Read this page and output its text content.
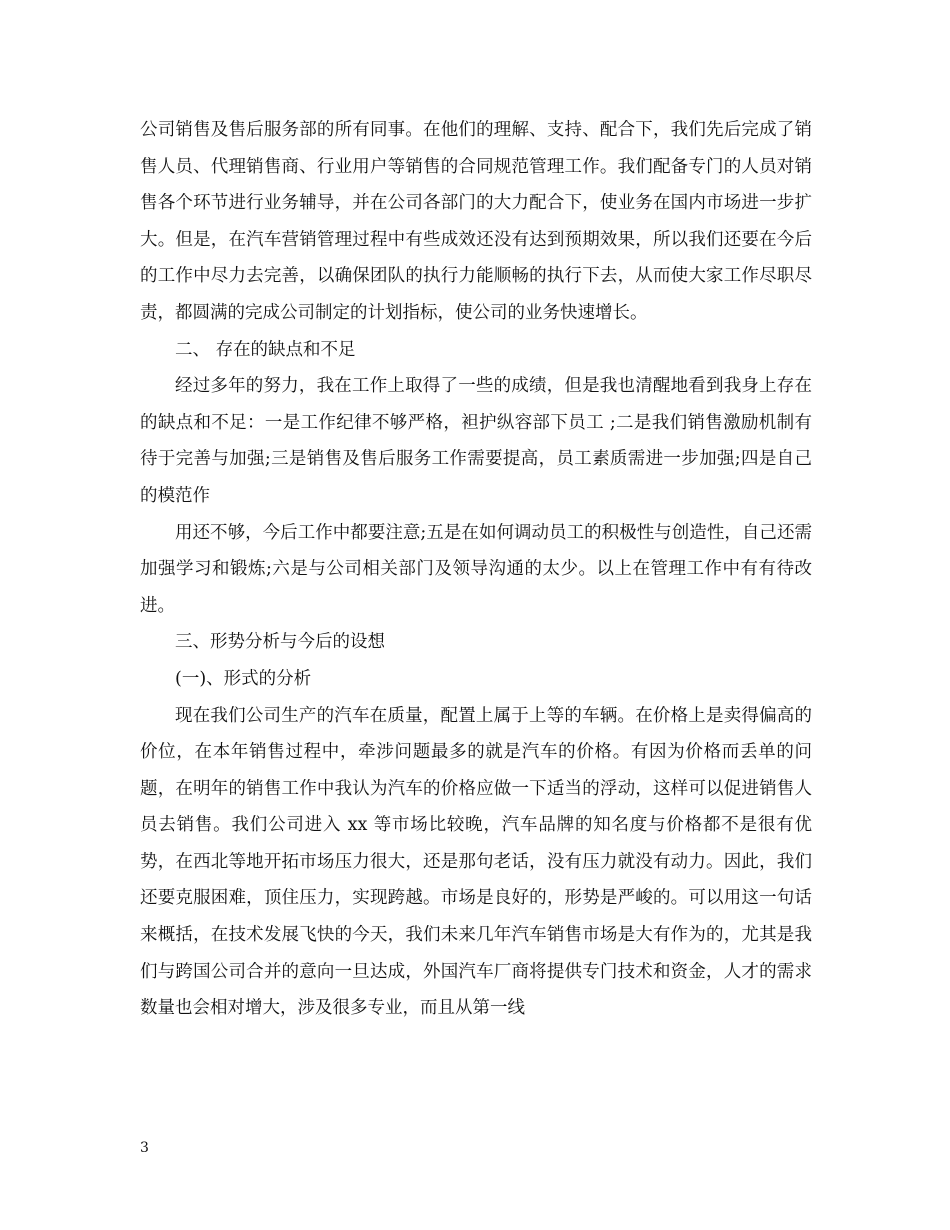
公司销售及售后服务部的所有同事。在他们的理解、支持、配合下，我们先后完成了销售人员、代理销售商、行业用户等销售的合同规范管理工作。我们配备专门的人员对销售各个环节进行业务辅导，并在公司各部门的大力配合下，使业务在国内市场进一步扩大。但是，在汽车营销管理过程中有些成效还没有达到预期效果，所以我们还要在今后的工作中尽力去完善，以确保团队的执行力能顺畅的执行下去，从而使大家工作尽职尽责，都圆满的完成公司制定的计划指标，使公司的业务快速增长。

二、 存在的缺点和不足

经过多年的努力，我在工作上取得了一些的成绩，但是我也清醒地看到我身上存在的缺点和不足：一是工作纪律不够严格，袒护纵容部下员工 ;二是我们销售激励机制有待于完善与加强;三是销售及售后服务工作需要提高，员工素质需进一步加强;四是自己的模范作

用还不够，今后工作中都要注意;五是在如何调动员工的积极性与创造性，自己还需加强学习和锻炼;六是与公司相关部门及领导沟通的太少。以上在管理工作中有有待改进。

三、形势分析与今后的设想

(一)、形式的分析

现在我们公司生产的汽车在质量，配置上属于上等的车辆。在价格上是卖得偏高的价位，在本年销售过程中，牵涉问题最多的就是汽车的价格。有因为价格而丢单的问题，在明年的销售工作中我认为汽车的价格应做一下适当的浮动，这样可以促进销售人员去销售。我们公司进入 xx 等市场比较晚，汽车品牌的知名度与价格都不是很有优势，在西北等地开拓市场压力很大，还是那句老话，没有压力就没有动力。因此，我们还要克服困难，顶住压力，实现跨越。市场是良好的，形势是严峻的。可以用这一句话来概括，在技术发展飞快的今天，我们未来几年汽车销售市场是大有作为的，尤其是我们与跨国公司合并的意向一旦达成，外国汽车厂商将提供专门技术和资金，人才的需求数量也会相对增大，涉及很多专业，而且从第一线

3
